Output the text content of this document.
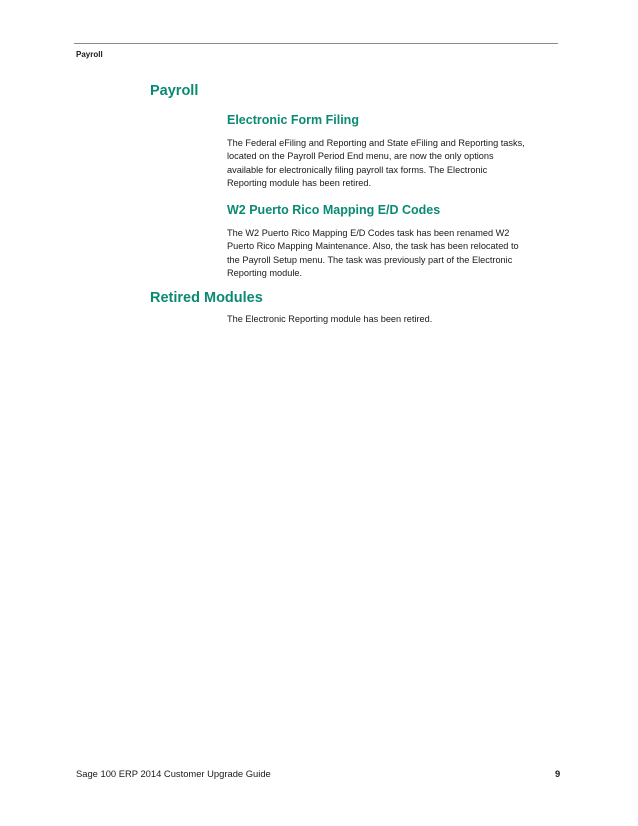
Payroll
Payroll
Electronic Form Filing
The Federal eFiling and Reporting and State eFiling and Reporting tasks,
located on the Payroll Period End menu, are now the only options
available for electronically filing payroll tax forms. The Electronic
Reporting module has been retired.
W2 Puerto Rico Mapping E/D Codes
The W2 Puerto Rico Mapping E/D Codes task has been renamed W2
Puerto Rico Mapping Maintenance. Also, the task has been relocated to
the Payroll Setup menu. The task was previously part of the Electronic
Reporting module.
Retired Modules
The Electronic Reporting module has been retired.
Sage 100 ERP 2014 Customer Upgrade Guide	9
